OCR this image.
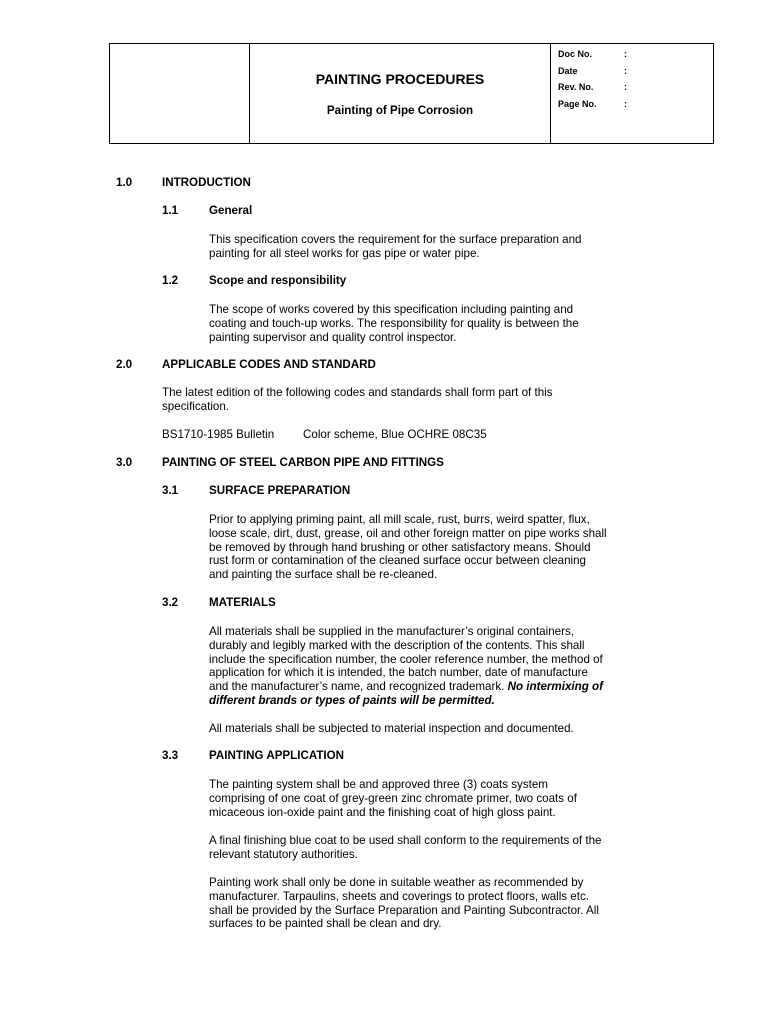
PAINTING PROCEDURES
Painting of Pipe Corrosion
Doc No.	:
Date	:
Rev. No.	:
Page No.	:
1.0	INTRODUCTION
1.1	General
This specification covers the requirement for the surface preparation and
painting for all steel works for gas pipe or water pipe.
1.2	Scope and responsibility
The scope of works covered by this specification including painting and
coating and touch-up works. The responsibility for quality is between the
painting supervisor and quality control inspector.
2.0	APPLICABLE CODES AND STANDARD
The latest edition of the following codes and standards shall form part of this
specification.
BS1710-1985 Bulletin Color scheme, Blue OCHRE 08C35
3.0	PAINTING OF STEEL CARBON PIPE AND FITTINGS
3.1	SURFACE PREPARATION
Prior to applying priming paint, all mill scale, rust, burrs, weird spatter, flux,
loose scale, dirt, dust, grease, oil and other foreign matter on pipe works shall
be removed by through hand brushing or other satisfactory means. Should
rust form or contamination of the cleaned surface occur between cleaning
and painting the surface shall be re-cleaned.
3.2	MATERIALS
All materials shall be supplied in the manufacturer’s original containers,
durably and legibly marked with the description of the contents. This shall
include the specification number, the cooler reference number, the method of
application for which it is intended, the batch number, date of manufacture
and the manufacturer’s name, and recognized trademark. No intermixing of
different brands or types of paints will be permitted.
All materials shall be subjected to material inspection and documented.
3.3	PAINTING APPLICATION
The painting system shall be and approved three (3) coats system
comprising of one coat of grey-green zinc chromate primer, two coats of
micaceous ion-oxide paint and the finishing coat of high gloss paint.
A final finishing blue coat to be used shall conform to the requirements of the
relevant statutory authorities.
Painting work shall only be done in suitable weather as recommended by
manufacturer. Tarpaulins, sheets and coverings to protect floors, walls etc.
shall be provided by the Surface Preparation and Painting Subcontractor. All
surfaces to be painted shall be clean and dry.
